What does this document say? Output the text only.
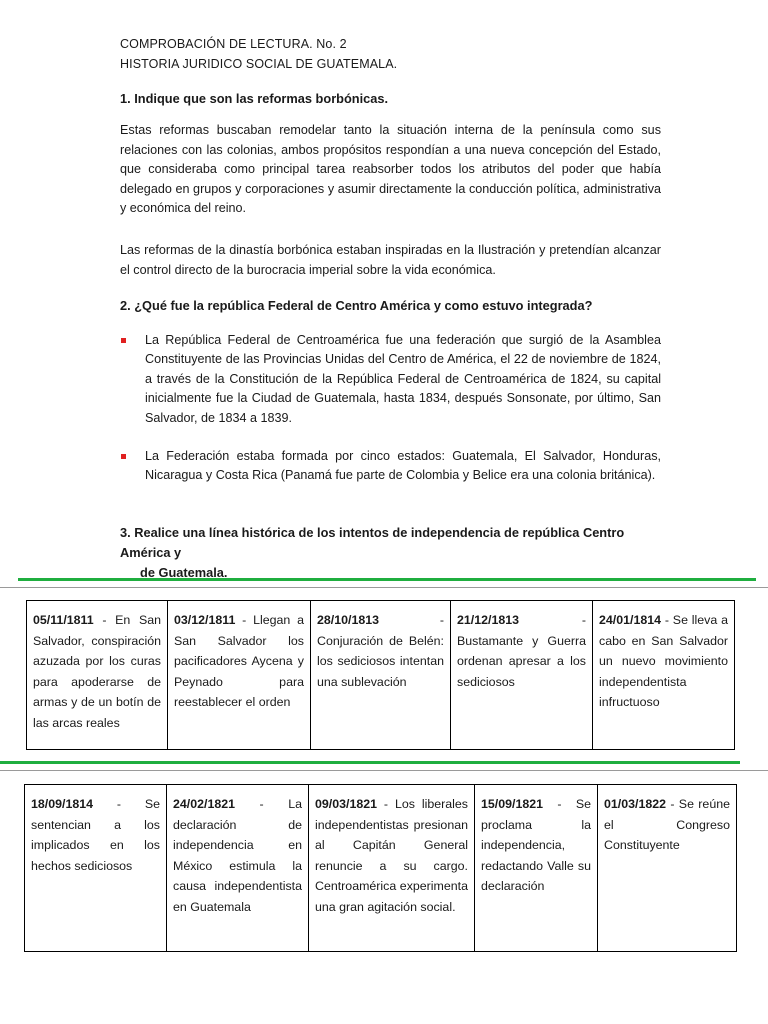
COMPROBACIÓN DE LECTURA. No. 2
HISTORIA JURIDICO SOCIAL DE GUATEMALA.
1. Indique que son las reformas borbónicas.
Estas reformas buscaban remodelar tanto la situación interna de la península como sus relaciones con las colonias, ambos propósitos respondían a una nueva concepción del Estado, que consideraba como principal tarea reabsorber todos los atributos del poder que había delegado en grupos y corporaciones y asumir directamente la conducción política, administrativa y económica del reino.
Las reformas de la dinastía borbónica estaban inspiradas en la Ilustración y pretendían alcanzar el control directo de la burocracia imperial sobre la vida económica.
2. ¿Qué fue la república Federal de Centro América y como estuvo integrada?
La República Federal de Centroamérica fue una federación que surgió de la Asamblea Constituyente de las Provincias Unidas del Centro de América, el 22 de noviembre de 1824, a través de la Constitución de la República Federal de Centroamérica de 1824, su capital inicialmente fue la Ciudad de Guatemala, hasta 1834, después Sonsonate, por último, San Salvador, de 1834 a 1839.
La Federación estaba formada por cinco estados: Guatemala, El Salvador, Honduras, Nicaragua y Costa Rica (Panamá fue parte de Colombia y Belice era una colonia británica).
3. Realice una línea histórica de los intentos de independencia de república Centro América y
de Guatemala.
05/11/1811 - En San Salvador, conspiración azuzada por los curas para apoderarse de armas y de un botín de las arcas reales	03/12/1811 - Llegan a San Salvador los pacificadores Aycena y Peynado para reestablecer el orden	28/10/1813 - Conjuración de Belén: los sediciosos intentan una sublevación	21/12/1813 - Bustamante y Guerra ordenan apresar a los sediciosos	24/01/1814 - Se lleva a cabo en San Salvador un nuevo movimiento independentista infructuoso
18/09/1814 - Se sentencian a los implicados en los hechos sediciosos	24/02/1821 - La declaración de independencia en México estimula la causa independentista en Guatemala	09/03/1821 - Los liberales independentistas presionan al Capitán General renuncie a su cargo. Centroamérica experimenta una gran agitación social.	15/09/1821 - Se proclama la independencia, redactando Valle su declaración	01/03/1822 - Se reúne el Congreso Constituyente
